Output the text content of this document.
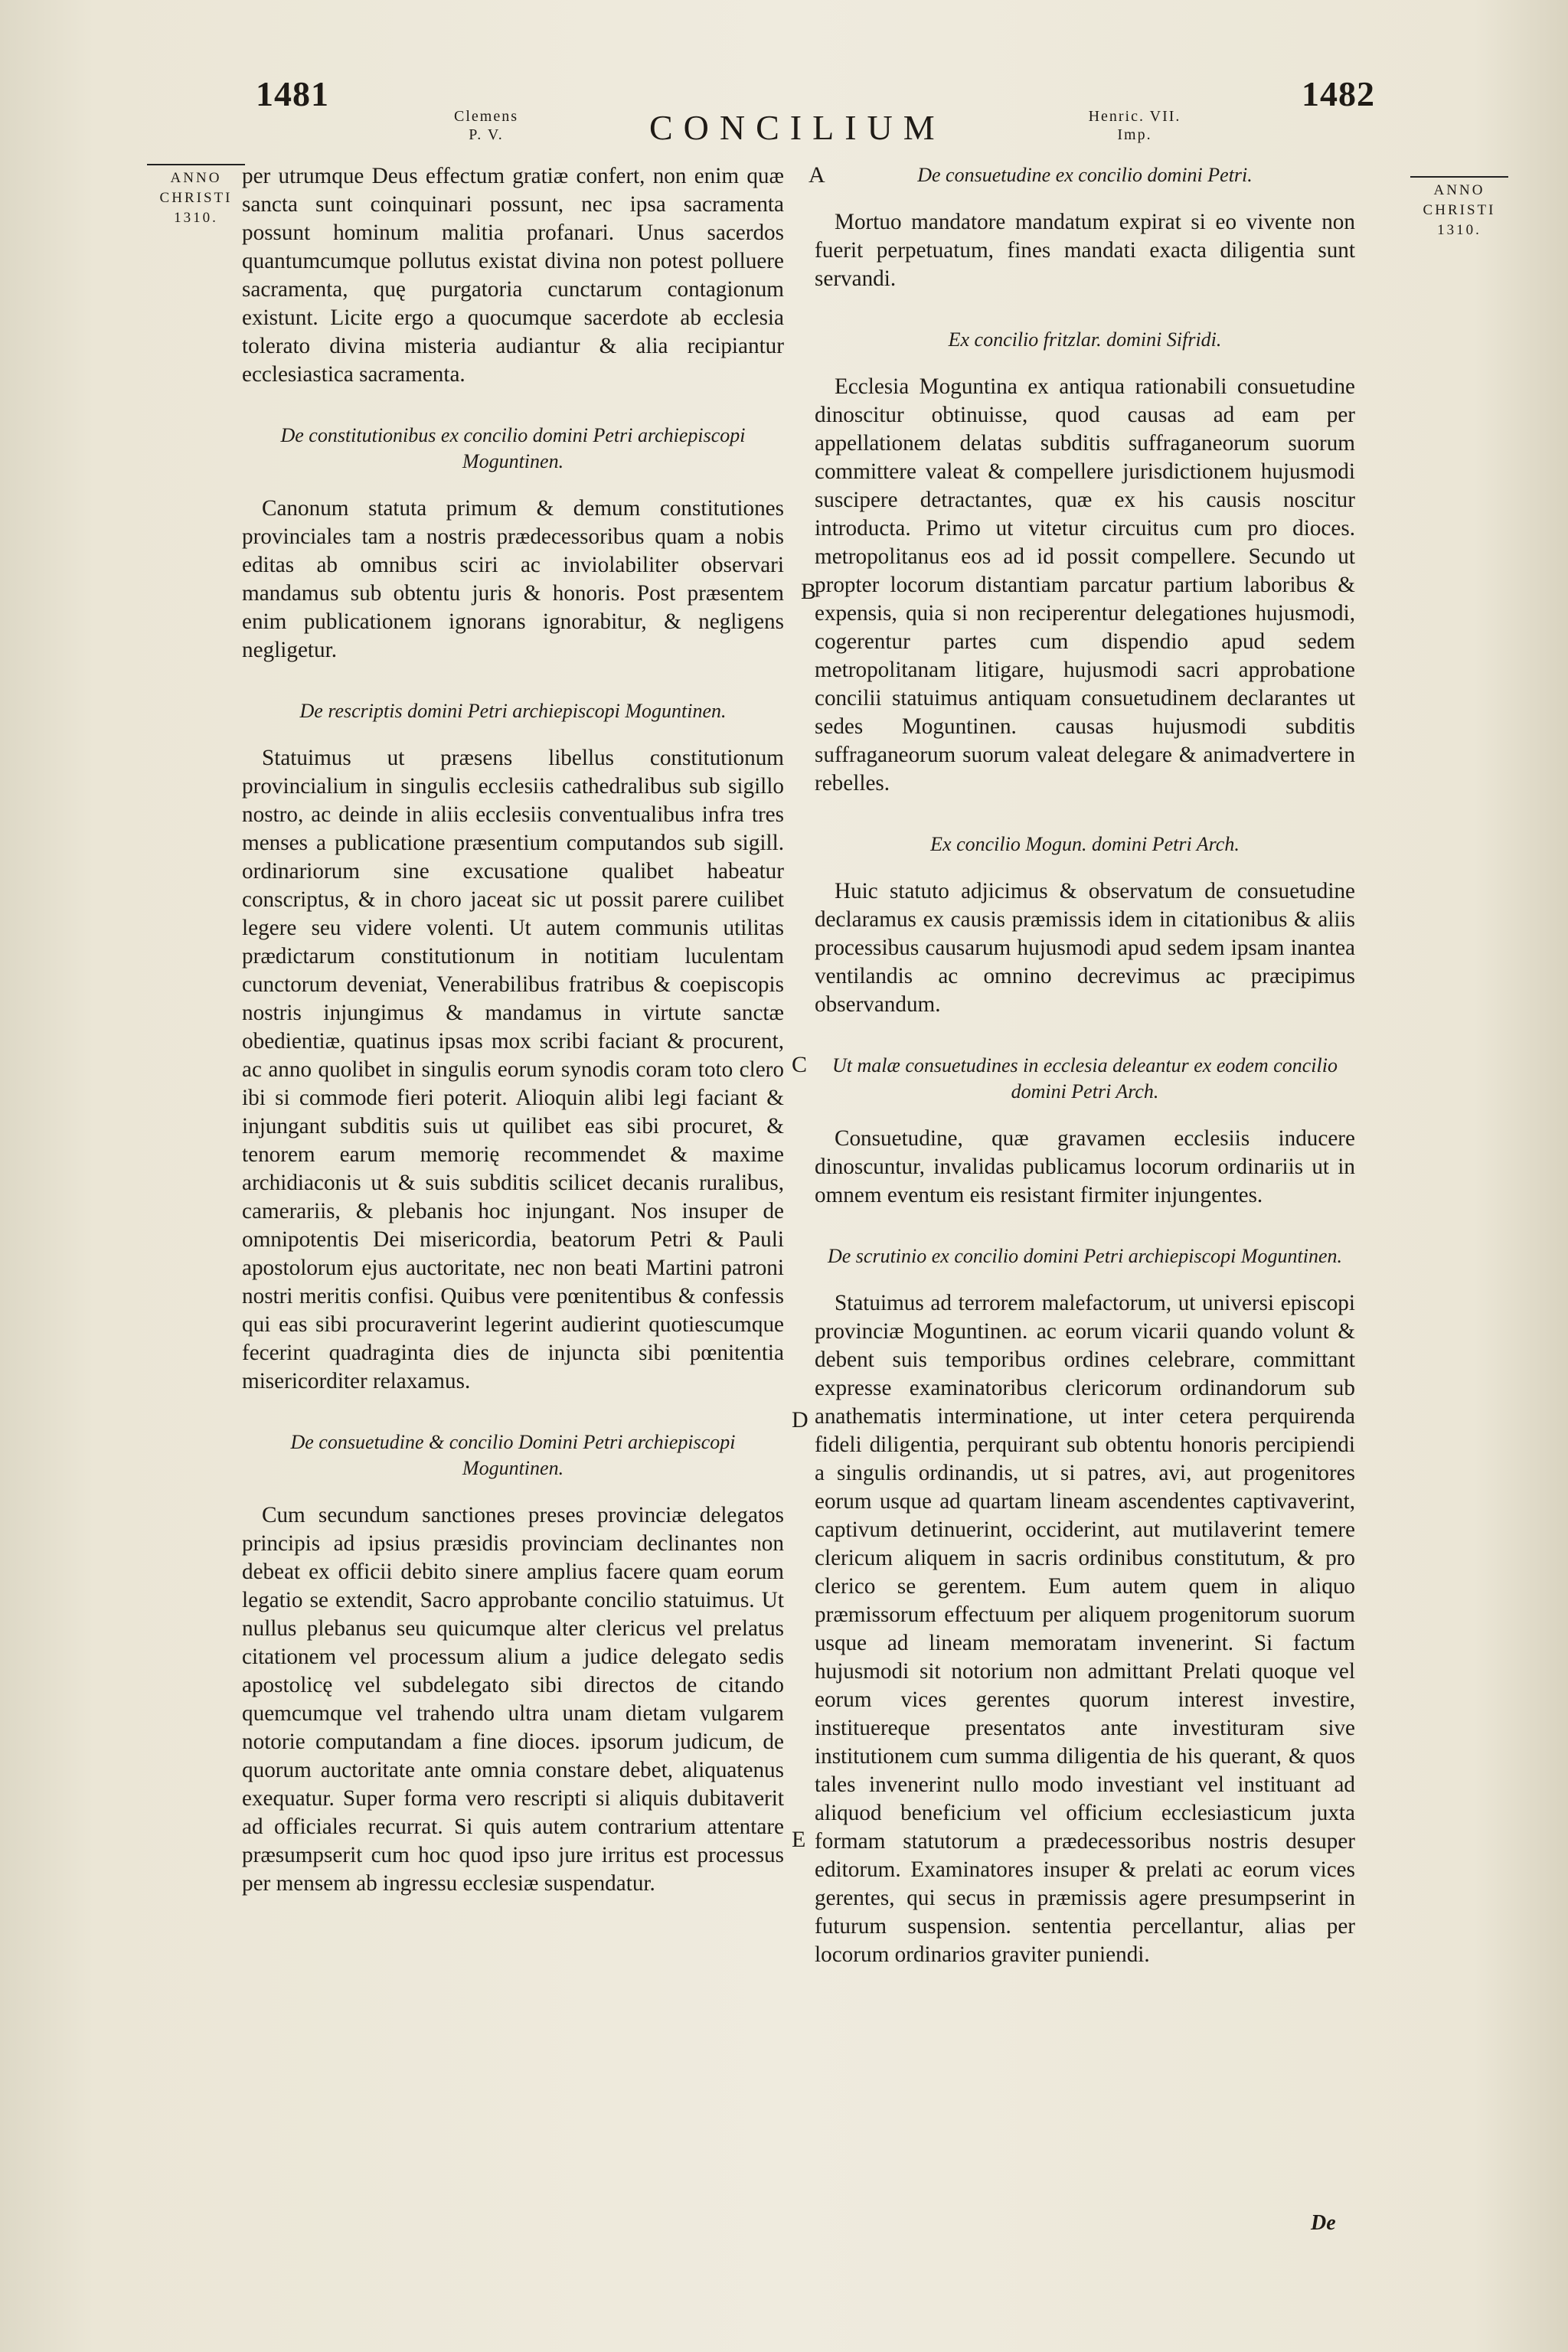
1481
Clemens
P. V.	CONCILIUM	Henric. VII.
Imp.
1482
ANNO
CHRISTI
1310.
ANNO
CHRISTI
1310.
A
B
C
D
E

per utrumque Deus effectum gratiæ confert, non enim quæ sancta sunt coinquinari possunt, nec ipsa sacramenta possunt hominum malitia profanari. Unus sacerdos quantumcumque pollutus existat divina non potest polluere sacramenta, quę purgatoria cunctarum contagionum existunt. Licite ergo a quocumque sacerdote ab ecclesia tolerato divina misteria audiantur & alia recipiantur ecclesiastica sacramenta.

De constitutionibus ex concilio domini Petri archiepiscopi Moguntinen.

Canonum statuta primum & demum constitutiones provinciales tam a nostris prædecessoribus quam a nobis editas ab omnibus sciri ac inviolabiliter observari mandamus sub obtentu juris & honoris. Post præsentem enim publicationem ignorans ignorabitur, & negligens negligetur.

De rescriptis domini Petri archiepiscopi Moguntinen.

Statuimus ut præsens libellus constitutionum provincialium in singulis ecclesiis cathedralibus sub sigillo nostro, ac deinde in aliis ecclesiis conventualibus infra tres menses a publicatione præsentium computandos sub sigill. ordinariorum sine excusatione qualibet habeatur conscriptus, & in choro jaceat sic ut possit parere cuilibet legere seu videre volenti. Ut autem communis utilitas prædictarum constitutionum in notitiam luculentam cunctorum deveniat, Venerabilibus fratribus & coepiscopis nostris injungimus & mandamus in virtute sanctæ obedientiæ, quatinus ipsas mox scribi faciant & procurent, ac anno quolibet in singulis eorum synodis coram toto clero ibi si commode fieri poterit. Alioquin alibi legi faciant & injungant subditis suis ut quilibet eas sibi procuret, & tenorem earum memorię recommendet & maxime archidiaconis ut & suis subditis scilicet decanis ruralibus, camerariis, & plebanis hoc injungant. Nos insuper de omnipotentis Dei misericordia, beatorum Petri & Pauli apostolorum ejus auctoritate, nec non beati Martini patroni nostri meritis confisi. Quibus vere pœnitentibus & confessis qui eas sibi procuraverint legerint audierint quotiescumque fecerint quadraginta dies de injuncta sibi pœnitentia misericorditer relaxamus.

De consuetudine & concilio Domini Petri archiepiscopi Moguntinen.

Cum secundum sanctiones preses provinciæ delegatos principis ad ipsius præsidis provinciam declinantes non debeat ex officii debito sinere amplius facere quam eorum legatio se extendit, Sacro approbante concilio statuimus. Ut nullus plebanus seu quicumque alter clericus vel prelatus citationem vel processum alium a judice delegato sedis apostolicę vel subdelegato sibi directos de citando quemcumque vel trahendo ultra unam dietam vulgarem notorie computandam a fine dioces. ipsorum judicum, de quorum auctoritate ante omnia constare debet, aliquatenus exequatur. Super forma vero rescripti si aliquis dubitaverit ad officiales recurrat. Si quis autem contrarium attentare præsumpserit cum hoc quod ipso jure irritus est processus per mensem ab ingressu ecclesiæ suspendatur.

De consuetudine ex concilio domini Petri.

Mortuo mandatore mandatum expirat si eo vivente non fuerit perpetuatum, fines mandati exacta diligentia sunt servandi.

Ex concilio fritzlar. domini Sifridi.

Ecclesia Moguntina ex antiqua rationabili consuetudine dinoscitur obtinuisse, quod causas ad eam per appellationem delatas subditis suffraganeorum suorum committere valeat & compellere jurisdictionem hujusmodi suscipere detractantes, quæ ex his causis noscitur introducta. Primo ut vitetur circuitus cum pro dioces. metropolitanus eos ad id possit compellere. Secundo ut propter locorum distantiam parcatur partium laboribus & expensis, quia si non reciperentur delegationes hujusmodi, cogerentur partes cum dispendio apud sedem metropolitanam litigare, hujusmodi sacri approbatione concilii statuimus antiquam consuetudinem declarantes ut sedes Moguntinen. causas hujusmodi subditis suffraganeorum suorum valeat delegare & animadvertere in rebelles.

Ex concilio Mogun. domini Petri Arch.

Huic statuto adjicimus & observatum de consuetudine declaramus ex causis præmissis idem in citationibus & aliis processibus causarum hujusmodi apud sedem ipsam inantea ventilandis ac omnino decrevimus ac præcipimus observandum.

Ut malæ consuetudines in ecclesia deleantur ex eodem concilio domini Petri Arch.

Consuetudine, quæ gravamen ecclesiis inducere dinoscuntur, invalidas publicamus locorum ordinariis ut in omnem eventum eis resistant firmiter injungentes.

De scrutinio ex concilio domini Petri archiepiscopi Moguntinen.

Statuimus ad terrorem malefactorum, ut universi episcopi provinciæ Moguntinen. ac eorum vicarii quando volunt & debent suis temporibus ordines celebrare, committant expresse examinatoribus clericorum ordinandorum sub anathematis interminatione, ut inter cetera perquirenda fideli diligentia, perquirant sub obtentu honoris percipiendi a singulis ordinandis, ut si patres, avi, aut progenitores eorum usque ad quartam lineam ascendentes captivaverint, captivum detinuerint, occiderint, aut mutilaverint temere clericum aliquem in sacris ordinibus constitutum, & pro clerico se gerentem. Eum autem quem in aliquo præmissorum effectuum per aliquem progenitorum suorum usque ad lineam memoratam invenerint. Si factum hujusmodi sit notorium non admittant Prelati quoque vel eorum vices gerentes quorum interest investire, instituereque presentatos ante investituram sive institutionem cum summa diligentia de his querant, & quos tales invenerint nullo modo investiant vel instituant ad aliquod beneficium vel officium ecclesiasticum juxta formam statutorum a prædecessoribus nostris desuper editorum. Examinatores insuper & prelati ac eorum vices gerentes, qui secus in præmissis agere presumpserint in futurum suspension. sententia percellantur, alias per locorum ordinarios graviter puniendi.

De
